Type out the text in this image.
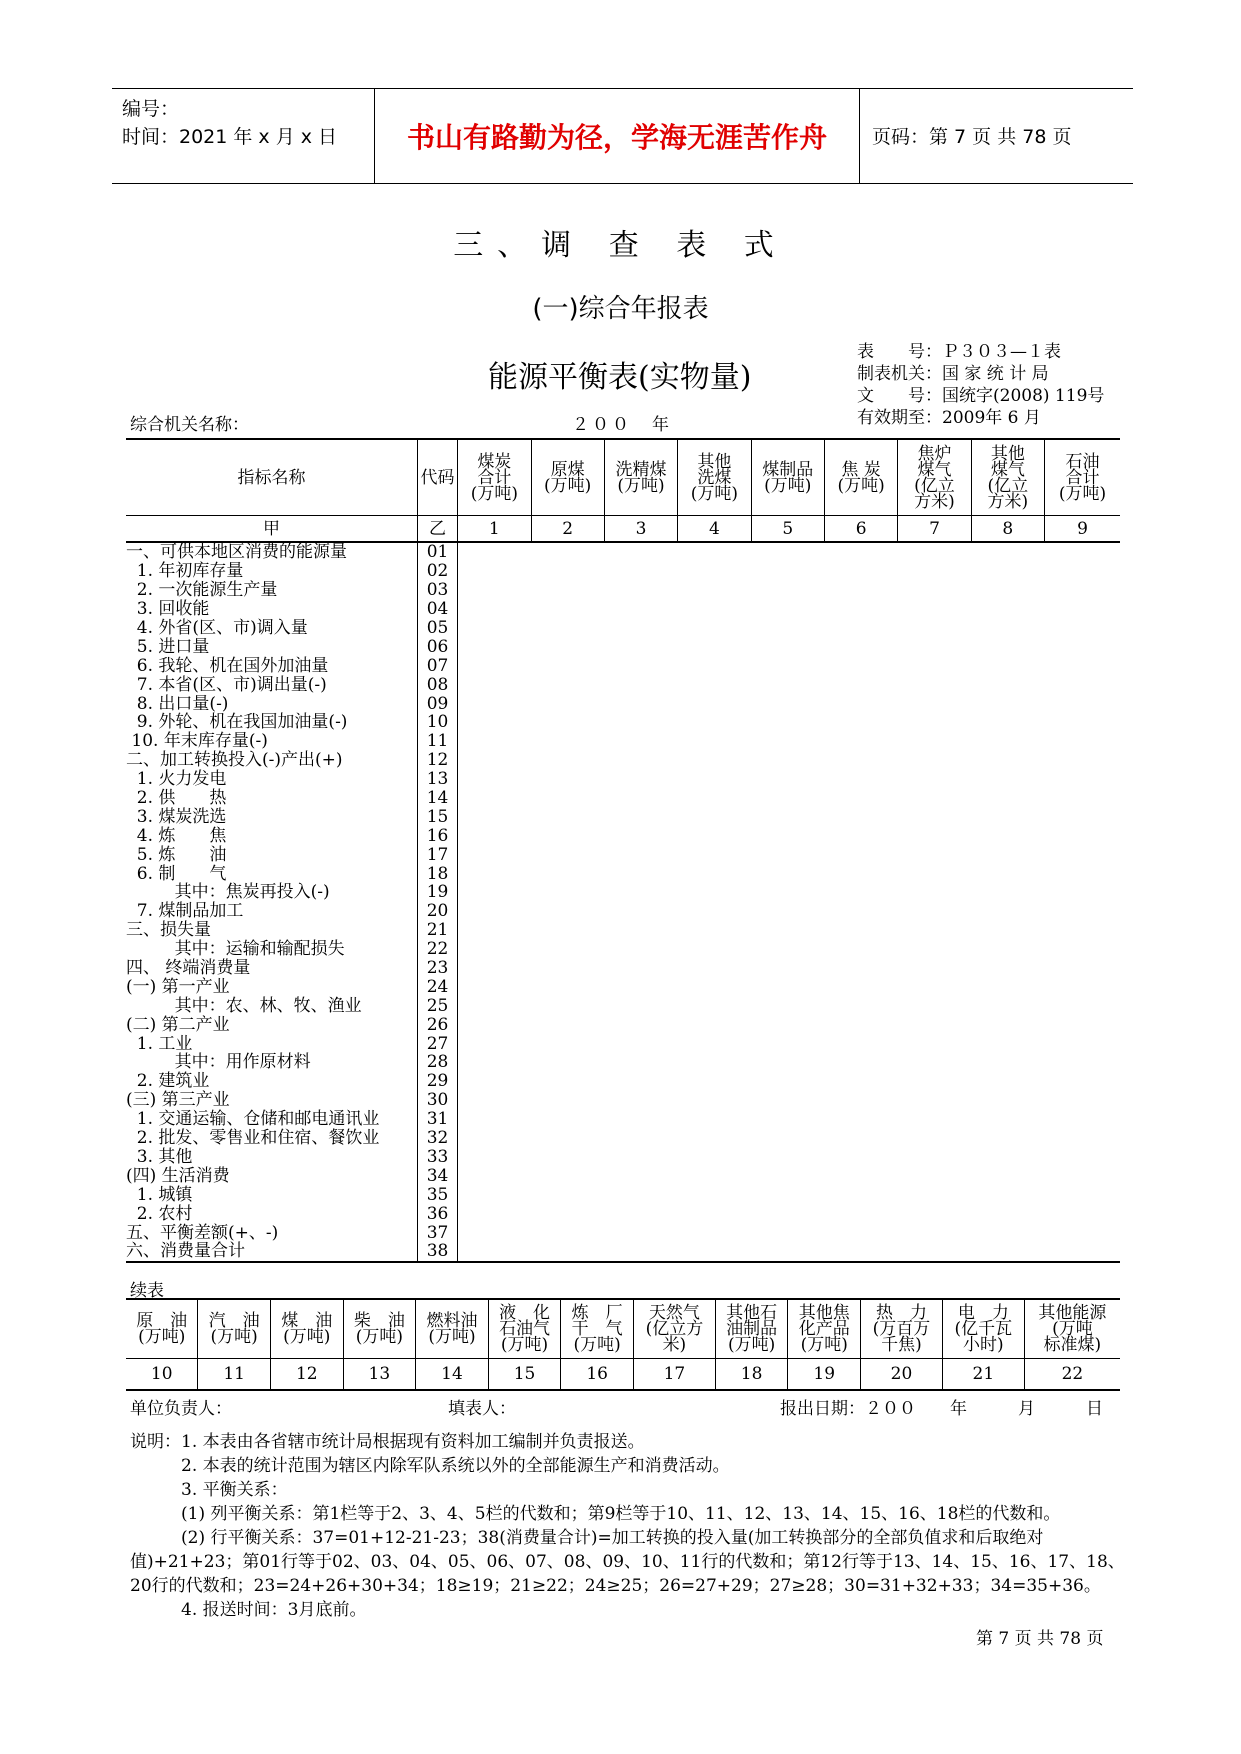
编号：
时间：2021 年 x 月 x 日	书山有路勤为径，学海无涯苦作舟	页码：第 7 页 共 78 页
三、调 查 表 式
(一)综合年报表
能源平衡表(实物量)
表　　号：Ｐ３０３—１表
制表机关：国 家 统 计 局
文　　号：国统字(2008) 119号
有效期至：2009年 6 月
综合机关名称：	２００　年
指标名称	代码	煤炭
合计
(万吨)	原煤
(万吨)	洗精煤
(万吨)	其他
洗煤
(万吨)	煤制品
(万吨)	焦 炭
(万吨)	焦炉
煤气
(亿立
方米)	其他
煤气
(亿立
方米)	石油
合计
(万吨)
甲	乙	1	2	3	4	5	6	7	8	9
一、可供本地区消费的能源量	01									
1. 年初库存量	02									
2. 一次能源生产量	03									
3. 回收能	04									
4. 外省(区、市)调入量	05									
5. 进口量	06									
6. 我轮、机在国外加油量	07									
7. 本省(区、市)调出量(-)	08									
8. 出口量(-)	09									
9. 外轮、机在我国加油量(-)	10									
10. 年末库存量(-)	11									
二、加工转换投入(-)产出(+)	12									
1. 火力发电	13									
2. 供　　热	14									
3. 煤炭洗选	15									
4. 炼　　焦	16									
5. 炼　　油	17									
6. 制　　气	18									
其中：焦炭再投入(-)	19									
7. 煤制品加工	20									
三、损失量	21									
其中：运输和输配损失	22									
四、 终端消费量	23									
(一) 第一产业	24									
其中：农、林、牧、渔业	25									
(二) 第二产业	26									
1. 工业	27									
其中：用作原材料	28									
2. 建筑业	29									
(三) 第三产业	30									
1. 交通运输、仓储和邮电通讯业	31									
2. 批发、零售业和住宿、餐饮业	32									
3. 其他	33									
(四) 生活消费	34									
1. 城镇	35									
2. 农村	36									
五、平衡差额(+、-)	37									
六、消费量合计	38									
续表
原　油
(万吨)	汽　油
(万吨)	煤　油
(万吨)	柴　油
(万吨)	燃料油
(万吨)	液　化
石油气
(万吨)	炼　厂
干　气
(万吨)	天然气
(亿立方
米)	其他石
油制品
(万吨)	其他焦
化产品
(万吨)	热　力
(万百万
千焦)	电　力
(亿千瓦
小时)	其他能源
(万吨
标准煤)
10	11	12	13	14	15	16	17	18	19	20	21	22
单位负责人：	填表人：	报出日期：２００　　年　　　月　　　日
说明：1. 本表由各省辖市统计局根据现有资料加工编制并负责报送。
　　　2. 本表的统计范围为辖区内除军队系统以外的全部能源生产和消费活动。
　　　3. 平衡关系：
　　　(1) 列平衡关系：第1栏等于2、3、4、5栏的代数和；第9栏等于10、11、12、13、14、15、16、18栏的代数和。
　　　(2) 行平衡关系：37=01+12-21-23；38(消费量合计)=加工转换的投入量(加工转换部分的全部负值求和后取绝对
值)+21+23；第01行等于02、03、04、05、06、07、08、09、10、11行的代数和；第12行等于13、14、15、16、17、18、
20行的代数和；23=24+26+30+34；18≥19；21≥22；24≥25；26=27+29；27≥28；30=31+32+33；34=35+36。
　　　4. 报送时间：3月底前。
第 7 页 共 78 页
